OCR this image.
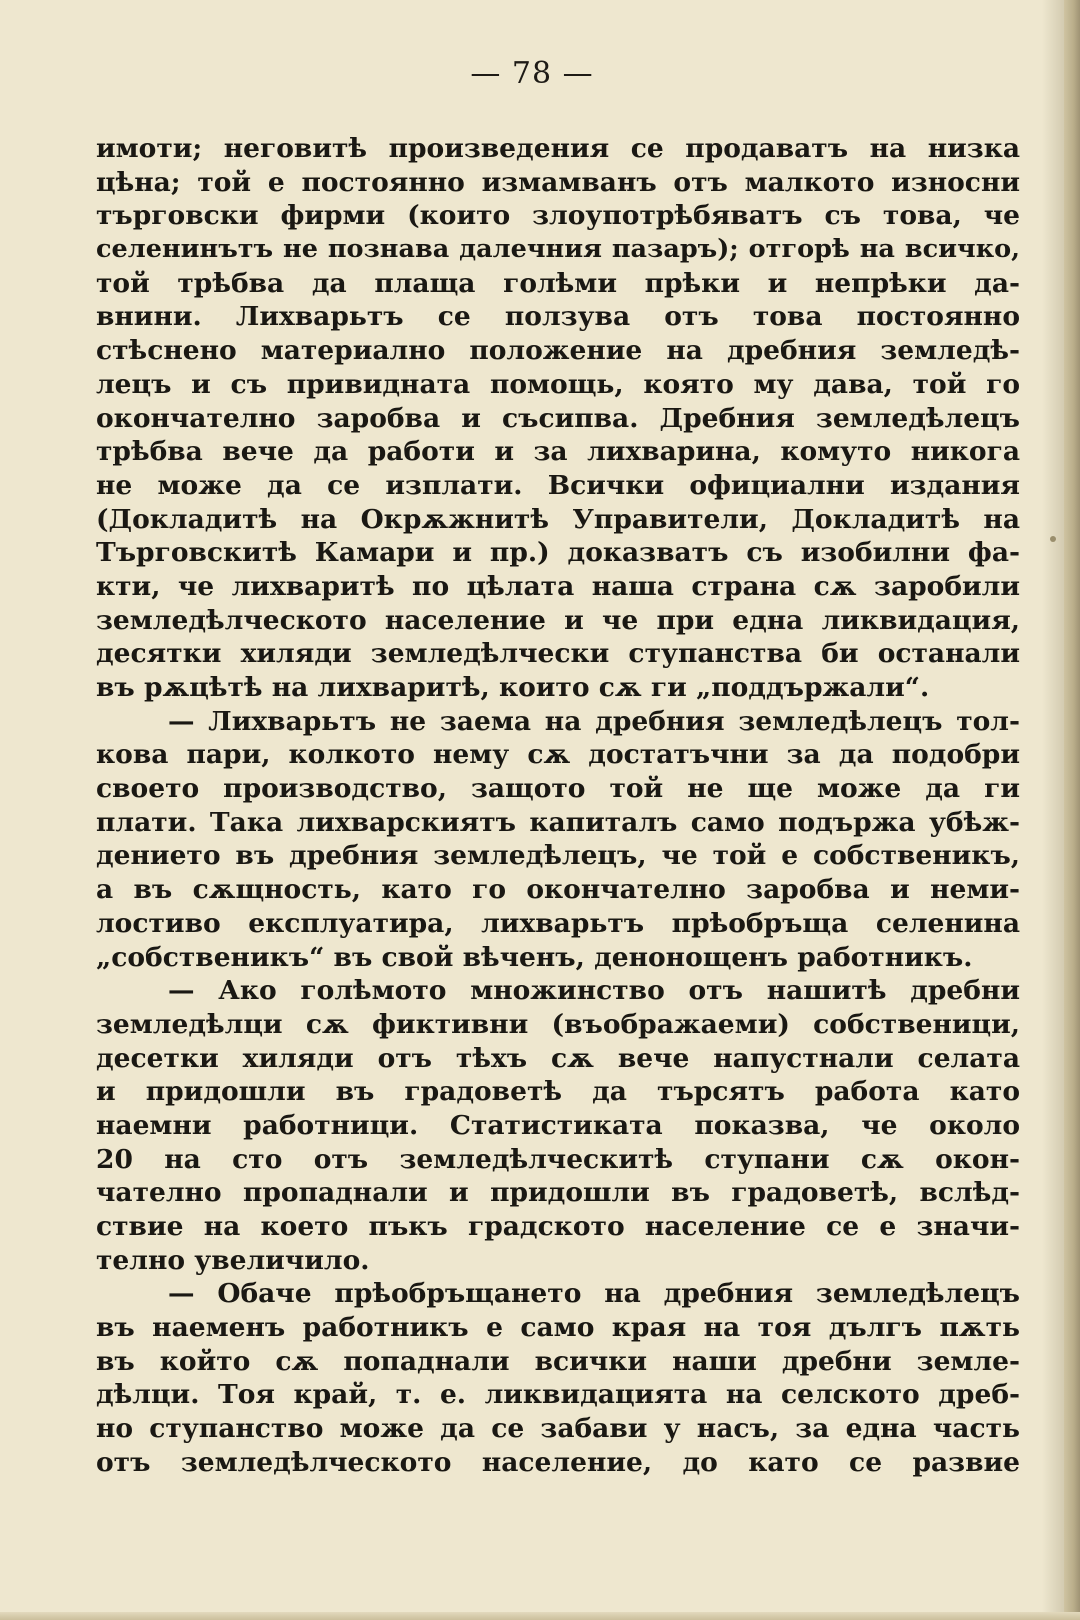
— 78 —
имоти; неговитѣ произведения се продаватъ на низка
цѣна; той е постоянно измамванъ отъ малкото износни
търговски фирми (които злоупотрѣбяватъ съ това, че
селенинътъ не познава далечния пазаръ); отгорѣ на всичко,
той трѣбва да плаща голѣми прѣки и непрѣки да-
внини. Лихварьтъ се ползува отъ това постоянно
стѣснено материално положение на дребния земледѣ-
лецъ и съ привидната помощь, която му дава, той го
окончателно заробва и съсипва. Дребния земледѣлецъ
трѣбва вече да работи и за лихварина, комуто никога
не може да се изплати. Всички официални издания
(Докладитѣ на Окрѫжнитѣ Управители, Докладитѣ на
Търговскитѣ Камари и пр.) доказватъ съ изобилни фа-
кти, че лихваритѣ по цѣлата наша страна сѫ заробили
земледѣлческото население и че при една ликвидация,
десятки хиляди земледѣлчески ступанства би останали
въ рѫцѣтѣ на лихваритѣ, които сѫ ги „поддържали“.
— Лихварьтъ не заема на дребния земледѣлецъ тол-
кова пари, колкото нему сѫ достатъчни за да подобри
своето производство, защото той не ще може да ги
плати. Така лихварскиятъ капиталъ само подържа убѣж-
дението въ дребния земледѣлецъ, че той е собственикъ,
а въ сѫщность, като го окончателно заробва и неми-
лостиво експлуатира, лихварьтъ прѣобръща селенина
„собственикъ“ въ свой вѣченъ, денонощенъ работникъ.
— Ако голѣмото множинство отъ нашитѣ дребни
земледѣлци сѫ фиктивни (въображаеми) собственици,
десетки хиляди отъ тѣхъ сѫ вече напустнали селата
и придошли въ градоветѣ да търсятъ работа като
наемни работници. Статистиката показва, че около
20 на сто отъ земледѣлческитѣ ступани сѫ окон-
чателно пропаднали и придошли въ градоветѣ, вслѣд-
ствие на което пъкъ градското население се е значи-
телно увеличило.
— Обаче прѣобръщането на дребния земледѣлецъ
въ наеменъ работникъ е само края на тоя дългъ пѫть
въ който сѫ попаднали всички наши дребни земле-
дѣлци. Тоя край, т. е. ликвидацията на селското дреб-
но ступанство може да се забави у насъ, за една часть
отъ земледѣлческото население, до като се развие
